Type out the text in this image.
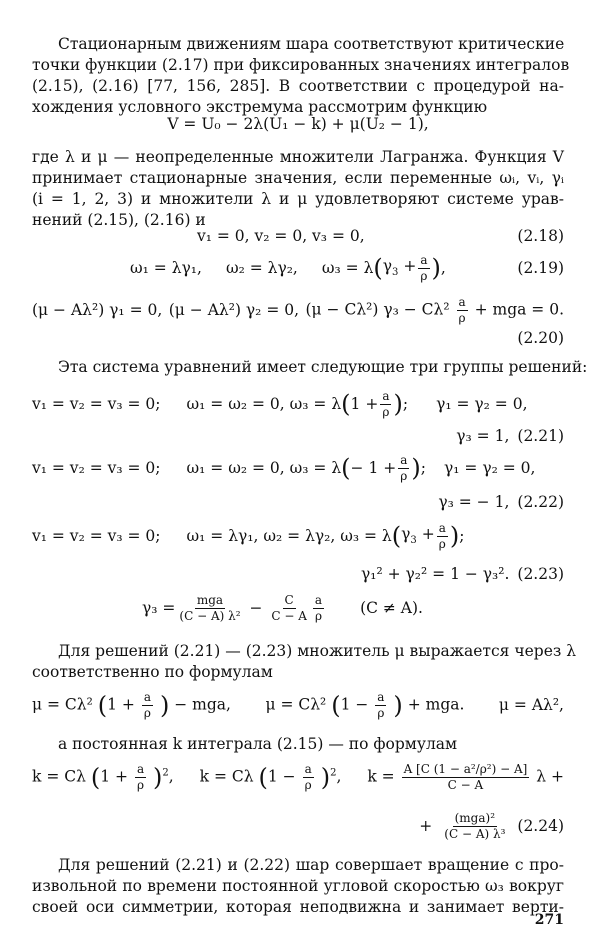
Стационарным движениям шара соответствуют критические
точки функции (2.17) при фиксированных значениях интегралов
(2.15), (2.16) [77, 156, 285]. В соответствии с процедурой на-
хождения условного экстремума рассмотрим функцию
V = U₀ − 2λ(U₁ − k) + μ(U₂ − 1),
где λ и μ — неопределенные множители Лагранжа. Функция V
принимает стационарные значения, если переменные ωᵢ, vᵢ, γᵢ
(i = 1, 2, 3) и множители λ и μ удовлетворяют системе урав-
нений (2.15), (2.16) и
v₁ = 0, v₂ = 0, v₃ = 0,	(2.18)
ω₁ = λγ₁, ω₂ = λγ₂, ω₃ = λ ( $\gamma_3 + \frac{a}{\rho}$ ) ,	(2.19)
(μ − Aλ²) γ₁ = 0, (μ − Aλ²) γ₂ = 0, (μ − Cλ²) $\gamma_3 - C\lambda^2 \frac{a}{\rho}$ + mga = 0.
(2.20)
Эта система уравнений имеет следующие три группы решений:
v₁ = v₂ = v₃ = 0; ω₁ = ω₂ = 0, ω₃ = λ ( $1 + \frac{a}{\rho}$ ) ; γ₁ = γ₂ = 0,
γ₃ = 1, (2.21)
v₁ = v₂ = v₃ = 0; ω₁ = ω₂ = 0, ω₃ = λ ( − $1 + \frac{a}{\rho}$ ) ; γ₁ = γ₂ = 0,
γ₃ = − 1, (2.22)
v₁ = v₂ = v₃ = 0; ω₁ = λγ₁, ω₂ = λγ₂, ω₃ = λ ( $\gamma_3 + \frac{a}{\rho}$ ) ;
γ₁² + γ₂² = 1 − γ₃². (2.23)
$\gamma_3 = \frac{\text{mga}}{\text{(C − A) λ²}} - \frac{C}{C - A} \frac{a}{\rho} (C \ne A)$.
Для решений (2.21) — (2.23) множитель μ выражается через λ
соответственно по формулам
μ = Cλ² ($1 + \frac{a}{\rho}$ ) − mga, μ = Cλ² ($1 - \frac{a}{\rho}$ ) + mga. μ = Aλ²,
а постоянная k интеграла (2.15) — по формулам
k = Cλ $(1 + \frac{a}{\rho} )^2$, k = Cλ $(1 - \frac{a}{\rho} )^2$, $k = \frac{\text{A [C (1 − a²/ρ²) − A]}}{C - A}$ λ +
+ $\frac{\text{(mga)²}}{\text{(C − A) λ³}} (2.24)$
Для решений (2.21) и (2.22) шар совершает вращение с про-
извольной по времени постоянной угловой скоростью ω₃ вокруг
своей оси симметрии, которая неподвижна и занимает верти-
271
